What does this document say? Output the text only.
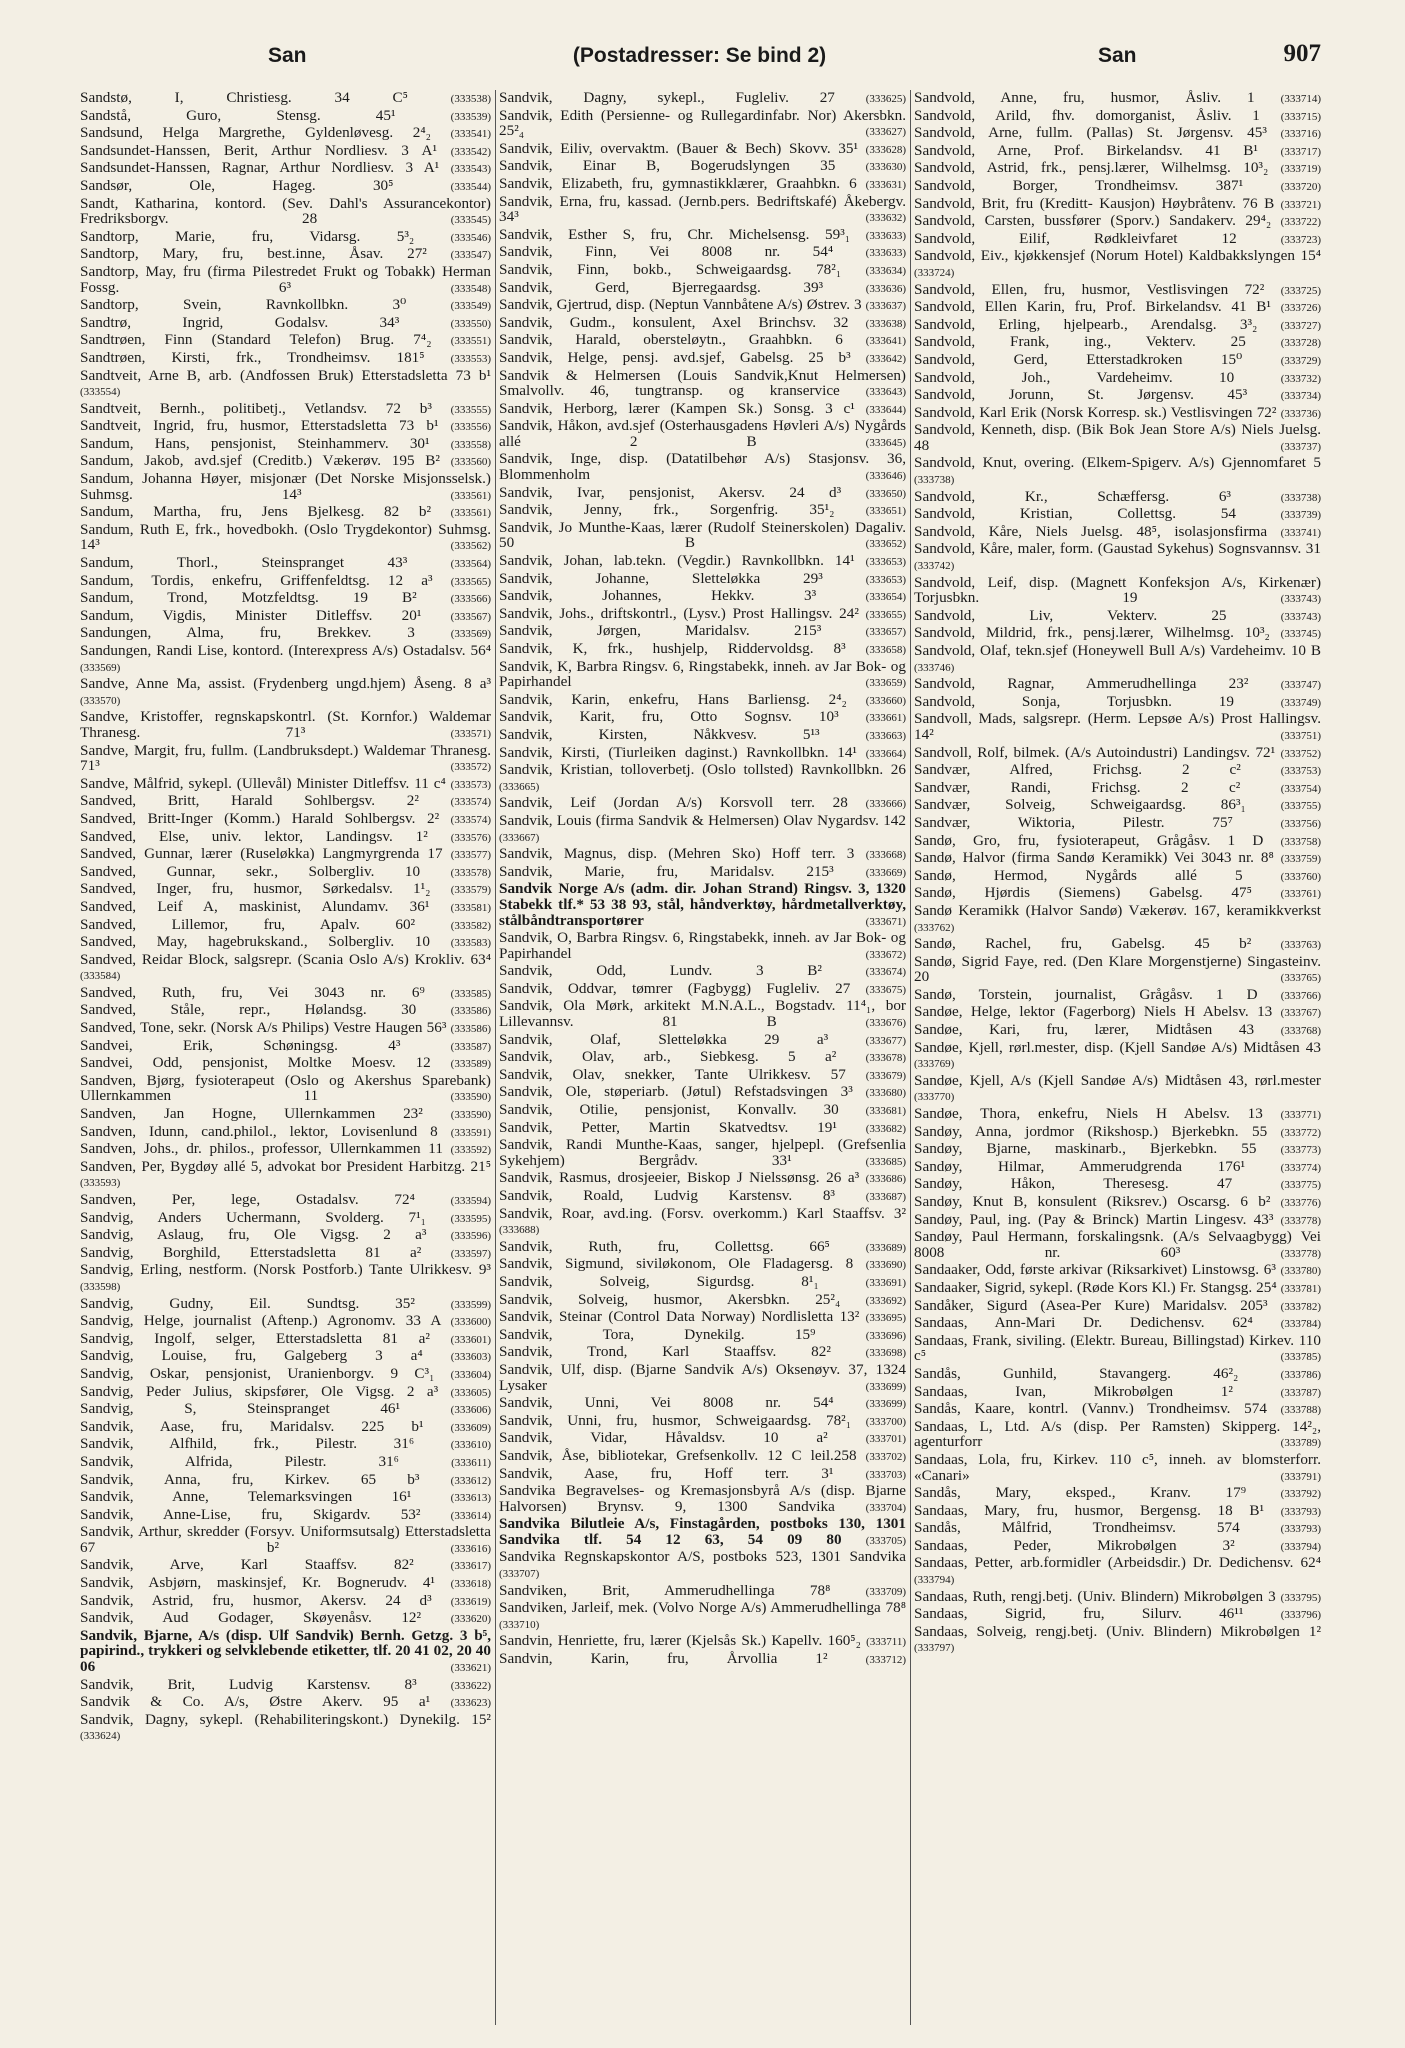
San	(Postadresser: Se bind 2)	San	907

Sandstø, I, Christiesg. 34 C⁵	(333538)

Sandstå, Guro, Stensg. 45¹	(333539)

Sandsund, Helga Margrethe, Gyldenløvesg. 2⁴₂ (333541)

Sandsundet-Hanssen, Berit, Arthur Nordliesv. 3 A¹ (333542)

Sandsundet-Hanssen, Ragnar, Arthur Nordliesv. 3 A¹ (333543)

Sandsør, Ole, Hageg. 30⁵	(333544)

Sandt, Katharina, kontord. (Sev. Dahl's Assurancekontor) Fredriksborgv. 28	(333545)

Sandtorp, Marie, fru, Vidarsg. 5³₂	(333546)

Sandtorp, Mary, fru, best.inne, Åsav. 27² (333547)

Sandtorp, May, fru (firma Pilestredet Frukt og Tobakk) Herman Fossg. 6³	(333548)

Sandtorp, Svein, Ravnkollbkn. 3⁰	(333549)

Sandtrø, Ingrid, Godalsv. 34³	(333550)

Sandtrøen, Finn (Standard Telefon) Brug. 7⁴₂ (333551)

Sandtrøen, Kirsti, frk., Trondheimsv. 181⁵ (333553)

Sandtveit, Arne B, arb. (Andfossen Bruk) Etterstadsletta 73 b¹ (333554)

Sandtveit, Bernh., politibetj., Vetlandsv. 72 b³ (333555)

Sandtveit, Ingrid, fru, husmor, Etterstadsletta 73 b¹ (333556)

Sandum, Hans, pensjonist, Steinhammerv. 30¹ (333558)

Sandum, Jakob, avd.sjef (Creditb.) Vækerøv. 195 B² (333560)

Sandum, Johanna Høyer, misjonær (Det Norske Misjonsselsk.) Suhmsg. 14³	(333561)

Sandum, Martha, fru, Jens Bjelkesg. 82 b² (333561)

Sandum, Ruth E, frk., hovedbokh. (Oslo Trygdekontor) Suhmsg. 14³	(333562)

Sandum, Thorl., Steinspranget 43³	(333564)

Sandum, Tordis, enkefru, Griffenfeldtsg. 12 a³ (333565)

Sandum, Trond, Motzfeldtsg. 19 B²	(333566)

Sandum, Vigdis, Minister Ditleffsv. 20¹	(333567)

Sandungen, Alma, fru, Brekkev. 3	(333569)

Sandungen, Randi Lise, kontord. (Interexpress A/s) Ostadalsv. 56⁴ (333569)

Sandve, Anne Ma, assist. (Frydenberg ungd.hjem) Åseng. 8 a³ (333570)

Sandve, Kristoffer, regnskapskontrl. (St. Kornfor.) Waldemar Thranesg. 71³	(333571)

Sandve, Margit, fru, fullm. (Landbruksdept.) Waldemar Thranesg. 71³	(333572)

Sandve, Målfrid, sykepl. (Ullevål) Minister Ditleffsv. 11 c⁴ (333573)

Sandved, Britt, Harald Sohlbergsv. 2²	(333574)

Sandved, Britt-Inger (Komm.) Harald Sohlbergsv. 2² (333574)

Sandved, Else, univ. lektor, Landingsv. 1² (333576)

Sandved, Gunnar, lærer (Ruseløkka) Langmyrgrenda 17 (333577)

Sandved, Gunnar, sekr., Solbergliv. 10	(333578)

Sandved, Inger, fru, husmor, Sørkedalsv. 1¹₂ (333579)

Sandved, Leif A, maskinist, Alundamv. 36¹ (333581)

Sandved, Lillemor, fru, Apalv. 60²	(333582)

Sandved, May, hagebrukskand., Solbergliv. 10 (333583)

Sandved, Reidar Block, salgsrepr. (Scania Oslo A/s) Krokliv. 63⁴ (333584)

Sandved, Ruth, fru, Vei 3043 nr. 6⁹ (333585)

Sandved, Ståle, repr., Hølandsg. 30	(333586)

Sandved, Tone, sekr. (Norsk A/s Philips) Vestre Haugen 56³ (333586)

Sandvei, Erik, Schøningsg. 4³	(333587)

Sandvei, Odd, pensjonist, Moltke Moesv. 12 (333589)

Sandven, Bjørg, fysioterapeut (Oslo og Akershus Sparebank) Ullernkammen 11	(333590)

Sandven, Jan Hogne, Ullernkammen 23²	(333590)

Sandven, Idunn, cand.philol., lektor, Lovisenlund 8 (333591)

Sandven, Johs., dr. philos., professor, Ullernkammen 11 (333592)

Sandven, Per, Bygdøy allé 5, advokat bor President Harbitzg. 21⁵ (333593)

Sandven, Per, lege, Ostadalsv. 72⁴	(333594)

Sandvig, Anders Uchermann, Svolderg. 7¹₁ (333595)

Sandvig, Aslaug, fru, Ole Vigsg. 2 a³ (333596)

Sandvig, Borghild, Etterstadsletta 81 a²	(333597)

Sandvig, Erling, nestform. (Norsk Postforb.) Tante Ulrikkesv. 9³ (333598)

Sandvig, Gudny, Eil. Sundtsg. 35²	(333599)

Sandvig, Helge, journalist (Aftenp.) Agronomv. 33 A (333600)

Sandvig, Ingolf, selger, Etterstadsletta 81 a² (333601)

Sandvig, Louise, fru, Galgeberg 3 a⁴	(333603)

Sandvig, Oskar, pensjonist, Uranienborgv. 9 C³₁ (333604)

Sandvig, Peder Julius, skipsfører, Ole Vigsg. 2 a³ (333605)

Sandvig, S, Steinspranget 46¹	(333606)

Sandvik, Aase, fru, Maridalsv. 225 b¹ (333609)

Sandvik, Alfhild, frk., Pilestr. 31⁶	(333610)

Sandvik, Alfrida, Pilestr. 31⁶	(333611)

Sandvik, Anna, fru, Kirkev. 65 b³	(333612)

Sandvik, Anne, Telemarksvingen 16¹	(333613)

Sandvik, Anne-Lise, fru, Skigardv. 53²	(333614)

Sandvik, Arthur, skredder (Forsyv. Uniformsutsalg) Etterstadsletta 67 b²	(333616)

Sandvik, Arve, Karl Staaffsv. 82²	(333617)

Sandvik, Asbjørn, maskinsjef, Kr. Bognerudv. 4¹ (333618)

Sandvik, Astrid, fru, husmor, Akersv. 24 d³ (333619)

Sandvik, Aud Godager, Skøyenåsv. 12²	(333620)

Sandvik, Bjarne, A/s (disp. Ulf Sandvik) Bernh. Getzg. 3 b⁵, papirind., trykkeri og selvklebende etiketter, tlf. 20 41 02, 20 40 06	(333621)

Sandvik, Brit, Ludvig Karstensv. 8³	(333622)

Sandvik & Co. A/s, Østre Akerv. 95 a¹ (333623)

Sandvik, Dagny, sykepl. (Rehabiliteringskont.) Dynekilg. 15² (333624)

Sandvik, Dagny, sykepl., Fugleliv. 27	(333625)

Sandvik, Edith (Persienne- og Rullegardinfabr. Nor) Akersbkn. 25²₄	(333627)

Sandvik, Eiliv, overvaktm. (Bauer & Bech) Skovv. 35¹ (333628)

Sandvik, Einar B, Bogerudslyngen 35	(333630)

Sandvik, Elizabeth, fru, gymnastikklærer, Graahbkn. 6 (333631)

Sandvik, Erna, fru, kassad. (Jernb.pers. Bedriftskafé) Åkebergv. 34³	(333632)

Sandvik, Esther S, fru, Chr. Michelsensg. 59³₁ (333633)

Sandvik, Finn, Vei 8008 nr. 54⁴	(333633)

Sandvik, Finn, bokb., Schweigaardsg. 78²₁ (333634)

Sandvik, Gerd, Bjerregaardsg. 39³	(333636)

Sandvik, Gjertrud, disp. (Neptun Vannbåtene A/s) Østrev. 3 (333637)

Sandvik, Gudm., konsulent, Axel Brinchsv. 32 (333638)

Sandvik, Harald, obersteløytn., Graahbkn. 6 (333641)

Sandvik, Helge, pensj. avd.sjef, Gabelsg. 25 b³ (333642)

Sandvik & Helmersen (Louis Sandvik,Knut Helmersen) Smalvollv. 46, tungtransp. og kranservice (333643)

Sandvik, Herborg, lærer (Kampen Sk.) Sonsg. 3 c¹ (333644)

Sandvik, Håkon, avd.sjef (Osterhausgadens Høvleri A/s) Nygårds allé 2 B	(333645)

Sandvik, Inge, disp. (Datatilbehør A/s) Stasjonsv. 36, Blommenholm	(333646)

Sandvik, Ivar, pensjonist, Akersv. 24 d³ (333650)

Sandvik, Jenny, frk., Sorgenfrig. 35¹₂	(333651)

Sandvik, Jo Munthe-Kaas, lærer (Rudolf Steinerskolen) Dagaliv. 50 B	(333652)

Sandvik, Johan, lab.tekn. (Vegdir.) Ravnkollbkn. 14¹ (333653)

Sandvik, Johanne, Sletteløkka 29³	(333653)

Sandvik, Johannes, Hekkv. 3³	(333654)

Sandvik, Johs., driftskontrl., (Lysv.) Prost Hallingsv. 24² (333655)

Sandvik, Jørgen, Maridalsv. 215³	(333657)

Sandvik, K, frk., hushjelp, Riddervoldsg. 8³ (333658)

Sandvik, K, Barbra Ringsv. 6, Ringstabekk, inneh. av Jar Bok- og Papirhandel	(333659)

Sandvik, Karin, enkefru, Hans Barliensg. 2⁴₂ (333660)

Sandvik, Karit, fru, Otto Sognsv. 10³ (333661)

Sandvik, Kirsten, Nåkkvesv. 5¹³	(333663)

Sandvik, Kirsti, (Tiurleiken daginst.) Ravnkollbkn. 14¹ (333664)

Sandvik, Kristian, tolloverbetj. (Oslo tollsted) Ravnkollbkn. 26 (333665)

Sandvik, Leif (Jordan A/s) Korsvoll terr. 28 (333666)

Sandvik, Louis (firma Sandvik & Helmersen) Olav Nygardsv. 142 (333667)

Sandvik, Magnus, disp. (Mehren Sko) Hoff terr. 3 (333668)

Sandvik, Marie, fru, Maridalsv. 215³	(333669)

Sandvik Norge A/s (adm. dir. Johan Strand) Ringsv. 3, 1320 Stabekk tlf.* 53 38 93, stål, håndverktøy, hårdmetallverktøy, stålbåndtransportører	(333671)

Sandvik, O, Barbra Ringsv. 6, Ringstabekk, inneh. av Jar Bok- og Papirhandel	(333672)

Sandvik, Odd, Lundv. 3 B²	(333674)

Sandvik, Oddvar, tømrer (Fagbygg) Fugleliv. 27 (333675)

Sandvik, Ola Mørk, arkitekt M.N.A.L., Bogstadv. 11⁴₁, bor Lillevannsv. 81 B	(333676)

Sandvik, Olaf, Sletteløkka 29 a³	(333677)

Sandvik, Olav, arb., Siebkesg. 5 a²	(333678)

Sandvik, Olav, snekker, Tante Ulrikkesv. 57 (333679)

Sandvik, Ole, støperiarb. (Jøtul) Refstadsvingen 3³ (333680)

Sandvik, Otilie, pensjonist, Konvallv. 30 (333681)

Sandvik, Petter, Martin Skatvedtsv. 19¹	(333682)

Sandvik, Randi Munthe-Kaas, sanger, hjelpepl. (Grefsenlia Sykehjem) Bergrådv. 33¹	(333685)

Sandvik, Rasmus, drosjeeier, Biskop J Nielssønsg. 26 a³ (333686)

Sandvik, Roald, Ludvig Karstensv. 8³	(333687)

Sandvik, Roar, avd.ing. (Forsv. overkomm.) Karl Staaffsv. 3² (333688)

Sandvik, Ruth, fru, Collettsg. 66⁵	(333689)

Sandvik, Sigmund, siviløkonom, Ole Fladagersg. 8 (333690)

Sandvik, Solveig, Sigurdsg. 8¹₁	(333691)

Sandvik, Solveig, husmor, Akersbkn. 25²₄ (333692)

Sandvik, Steinar (Control Data Norway) Nordlisletta 13² (333695)

Sandvik, Tora, Dynekilg. 15⁹	(333696)

Sandvik, Trond, Karl Staaffsv. 82²	(333698)

Sandvik, Ulf, disp. (Bjarne Sandvik A/s) Oksenøyv. 37, 1324 Lysaker	(333699)

Sandvik, Unni, Vei 8008 nr. 54⁴	(333699)

Sandvik, Unni, fru, husmor, Schweigaardsg. 78²₁ (333700)

Sandvik, Vidar, Håvaldsv. 10 a²	(333701)

Sandvik, Åse, bibliotekar, Grefsenkollv. 12 C leil.258 (333702)

Sandvik, Aase, fru, Hoff terr. 3¹	(333703)

Sandvika Begravelses- og Kremasjonsbyrå A/s (disp. Bjarne Halvorsen) Brynsv. 9, 1300 Sandvika	(333704)

Sandvika Bilutleie A/s, Finstagården, postboks 130, 1301 Sandvika tlf. 54 12 63, 54 09 80 (333705)

Sandvika Regnskapskontor A/S, postboks 523, 1301 Sandvika (333707)

Sandviken, Brit, Ammerudhellinga 78⁸	(333709)

Sandviken, Jarleif, mek. (Volvo Norge A/s) Ammerudhellinga 78⁸ (333710)

Sandvin, Henriette, fru, lærer (Kjelsås Sk.) Kapellv. 160⁵₂ (333711)

Sandvin, Karin, fru, Årvollia 1²	(333712)

Sandvold, Anne, fru, husmor, Åsliv. 1 (333714)

Sandvold, Arild, fhv. domorganist, Åsliv. 1 (333715)

Sandvold, Arne, fullm. (Pallas) St. Jørgensv. 45³ (333716)

Sandvold, Arne, Prof. Birkelandsv. 41 B¹ (333717)

Sandvold, Astrid, frk., pensj.lærer, Wilhelmsg. 10³₂ (333719)

Sandvold, Borger, Trondheimsv. 387¹	(333720)

Sandvold, Brit, fru (Kreditt- Kausjon) Høybråtenv. 76 B (333721)

Sandvold, Carsten, bussfører (Sporv.) Sandakerv. 29⁴₂ (333722)

Sandvold, Eilif, Rødkleivfaret 12	(333723)

Sandvold, Eiv., kjøkkensjef (Norum Hotel) Kaldbakkslyngen 15⁴ (333724)

Sandvold, Ellen, fru, husmor, Vestlisvingen 72² (333725)

Sandvold, Ellen Karin, fru, Prof. Birkelandsv. 41 B¹ (333726)

Sandvold, Erling, hjelpearb., Arendalsg. 3³₂ (333727)

Sandvold, Frank, ing., Vekterv. 25	(333728)

Sandvold, Gerd, Etterstadkroken 15⁰	(333729)

Sandvold, Joh., Vardeheimv. 10	(333732)

Sandvold, Jorunn, St. Jørgensv. 45³	(333734)

Sandvold, Karl Erik (Norsk Korresp. sk.) Vestlisvingen 72² (333736)

Sandvold, Kenneth, disp. (Bik Bok Jean Store A/s) Niels Juelsg. 48	(333737)

Sandvold, Knut, overing. (Elkem-Spigerv. A/s) Gjennomfaret 5 (333738)

Sandvold, Kr., Schæffersg. 6³	(333738)

Sandvold, Kristian, Collettsg. 54	(333739)

Sandvold, Kåre, Niels Juelsg. 48⁵, isolasjonsfirma (333741)

Sandvold, Kåre, maler, form. (Gaustad Sykehus) Sognsvannsv. 31 (333742)

Sandvold, Leif, disp. (Magnett Konfeksjon A/s, Kirkenær) Torjusbkn. 19	(333743)

Sandvold, Liv, Vekterv. 25	(333743)

Sandvold, Mildrid, frk., pensj.lærer, Wilhelmsg. 10³₂ (333745)

Sandvold, Olaf, tekn.sjef (Honeywell Bull A/s) Vardeheimv. 10 B (333746)

Sandvold, Ragnar, Ammerudhellinga 23²	(333747)

Sandvold, Sonja, Torjusbkn. 19	(333749)

Sandvoll, Mads, salgsrepr. (Herm. Lepsøe A/s) Prost Hallingsv. 14²	(333751)

Sandvoll, Rolf, bilmek. (A/s Autoindustri) Landingsv. 72¹ (333752)

Sandvær, Alfred, Frichsg. 2 c²	(333753)

Sandvær, Randi, Frichsg. 2 c²	(333754)

Sandvær, Solveig, Schweigaardsg. 86³₁	(333755)

Sandvær, Wiktoria, Pilestr. 75⁷	(333756)

Sandø, Gro, fru, fysioterapeut, Grågåsv. 1 D (333758)

Sandø, Halvor (firma Sandø Keramikk) Vei 3043 nr. 8⁸ (333759)

Sandø, Hermod, Nygårds allé 5	(333760)

Sandø, Hjørdis (Siemens) Gabelsg. 47⁵	(333761)

Sandø Keramikk (Halvor Sandø) Vækerøv. 167, keramikkverkst (333762)

Sandø, Rachel, fru, Gabelsg. 45 b²	(333763)

Sandø, Sigrid Faye, red. (Den Klare Morgenstjerne) Singasteinv. 20	(333765)

Sandø, Torstein, journalist, Grågåsv. 1 D (333766)

Sandøe, Helge, lektor (Fagerborg) Niels H Abelsv. 13 (333767)

Sandøe, Kari, fru, lærer, Midtåsen 43 (333768)

Sandøe, Kjell, rørl.mester, disp. (Kjell Sandøe A/s) Midtåsen 43 (333769)

Sandøe, Kjell, A/s (Kjell Sandøe A/s) Midtåsen 43, rørl.mester (333770)

Sandøe, Thora, enkefru, Niels H Abelsv. 13 (333771)

Sandøy, Anna, jordmor (Rikshosp.) Bjerkebkn. 55 (333772)

Sandøy, Bjarne, maskinarb., Bjerkebkn. 55 (333773)

Sandøy, Hilmar, Ammerudgrenda 176¹	(333774)

Sandøy, Håkon, Theresesg. 47	(333775)

Sandøy, Knut B, konsulent (Riksrev.) Oscarsg. 6 b² (333776)

Sandøy, Paul, ing. (Pay & Brinck) Martin Lingesv. 43³ (333778)

Sandøy, Paul Hermann, forskalingsnk. (A/s Selvaagbygg) Vei 8008 nr. 60³	(333778)

Sandaaker, Odd, første arkivar (Riksarkivet) Linstowsg. 6³ (333780)

Sandaaker, Sigrid, sykepl. (Røde Kors Kl.) Fr. Stangsg. 25⁴ (333781)

Sandåker, Sigurd (Asea-Per Kure) Maridalsv. 205³ (333782)

Sandaas, Ann-Mari Dr. Dedichensv. 62⁴	(333784)

Sandaas, Frank, siviling. (Elektr. Bureau, Billingstad) Kirkev. 110 c⁵	(333785)

Sandås, Gunhild, Stavangerg. 46²₂	(333786)

Sandaas, Ivan, Mikrobølgen 1²	(333787)

Sandås, Kaare, kontrl. (Vannv.) Trondheimsv. 574 (333788)

Sandaas, L, Ltd. A/s (disp. Per Ramsten) Skipperg. 14²₂, agenturforr	(333789)

Sandaas, Lola, fru, Kirkev. 110 c⁵, inneh. av blomsterforr. «Canari»	(333791)

Sandås, Mary, eksped., Kranv. 17⁹	(333792)

Sandaas, Mary, fru, husmor, Bergensg. 18 B¹ (333793)

Sandås, Målfrid, Trondheimsv. 574	(333793)

Sandaas, Peder, Mikrobølgen 3²	(333794)

Sandaas, Petter, arb.formidler (Arbeidsdir.) Dr. Dedichensv. 62⁴ (333794)

Sandaas, Ruth, rengj.betj. (Univ. Blindern) Mikrobølgen 3 (333795)

Sandaas, Sigrid, fru, Silurv. 46¹¹	(333796)

Sandaas, Solveig, rengj.betj. (Univ. Blindern) Mikrobølgen 1² (333797)
